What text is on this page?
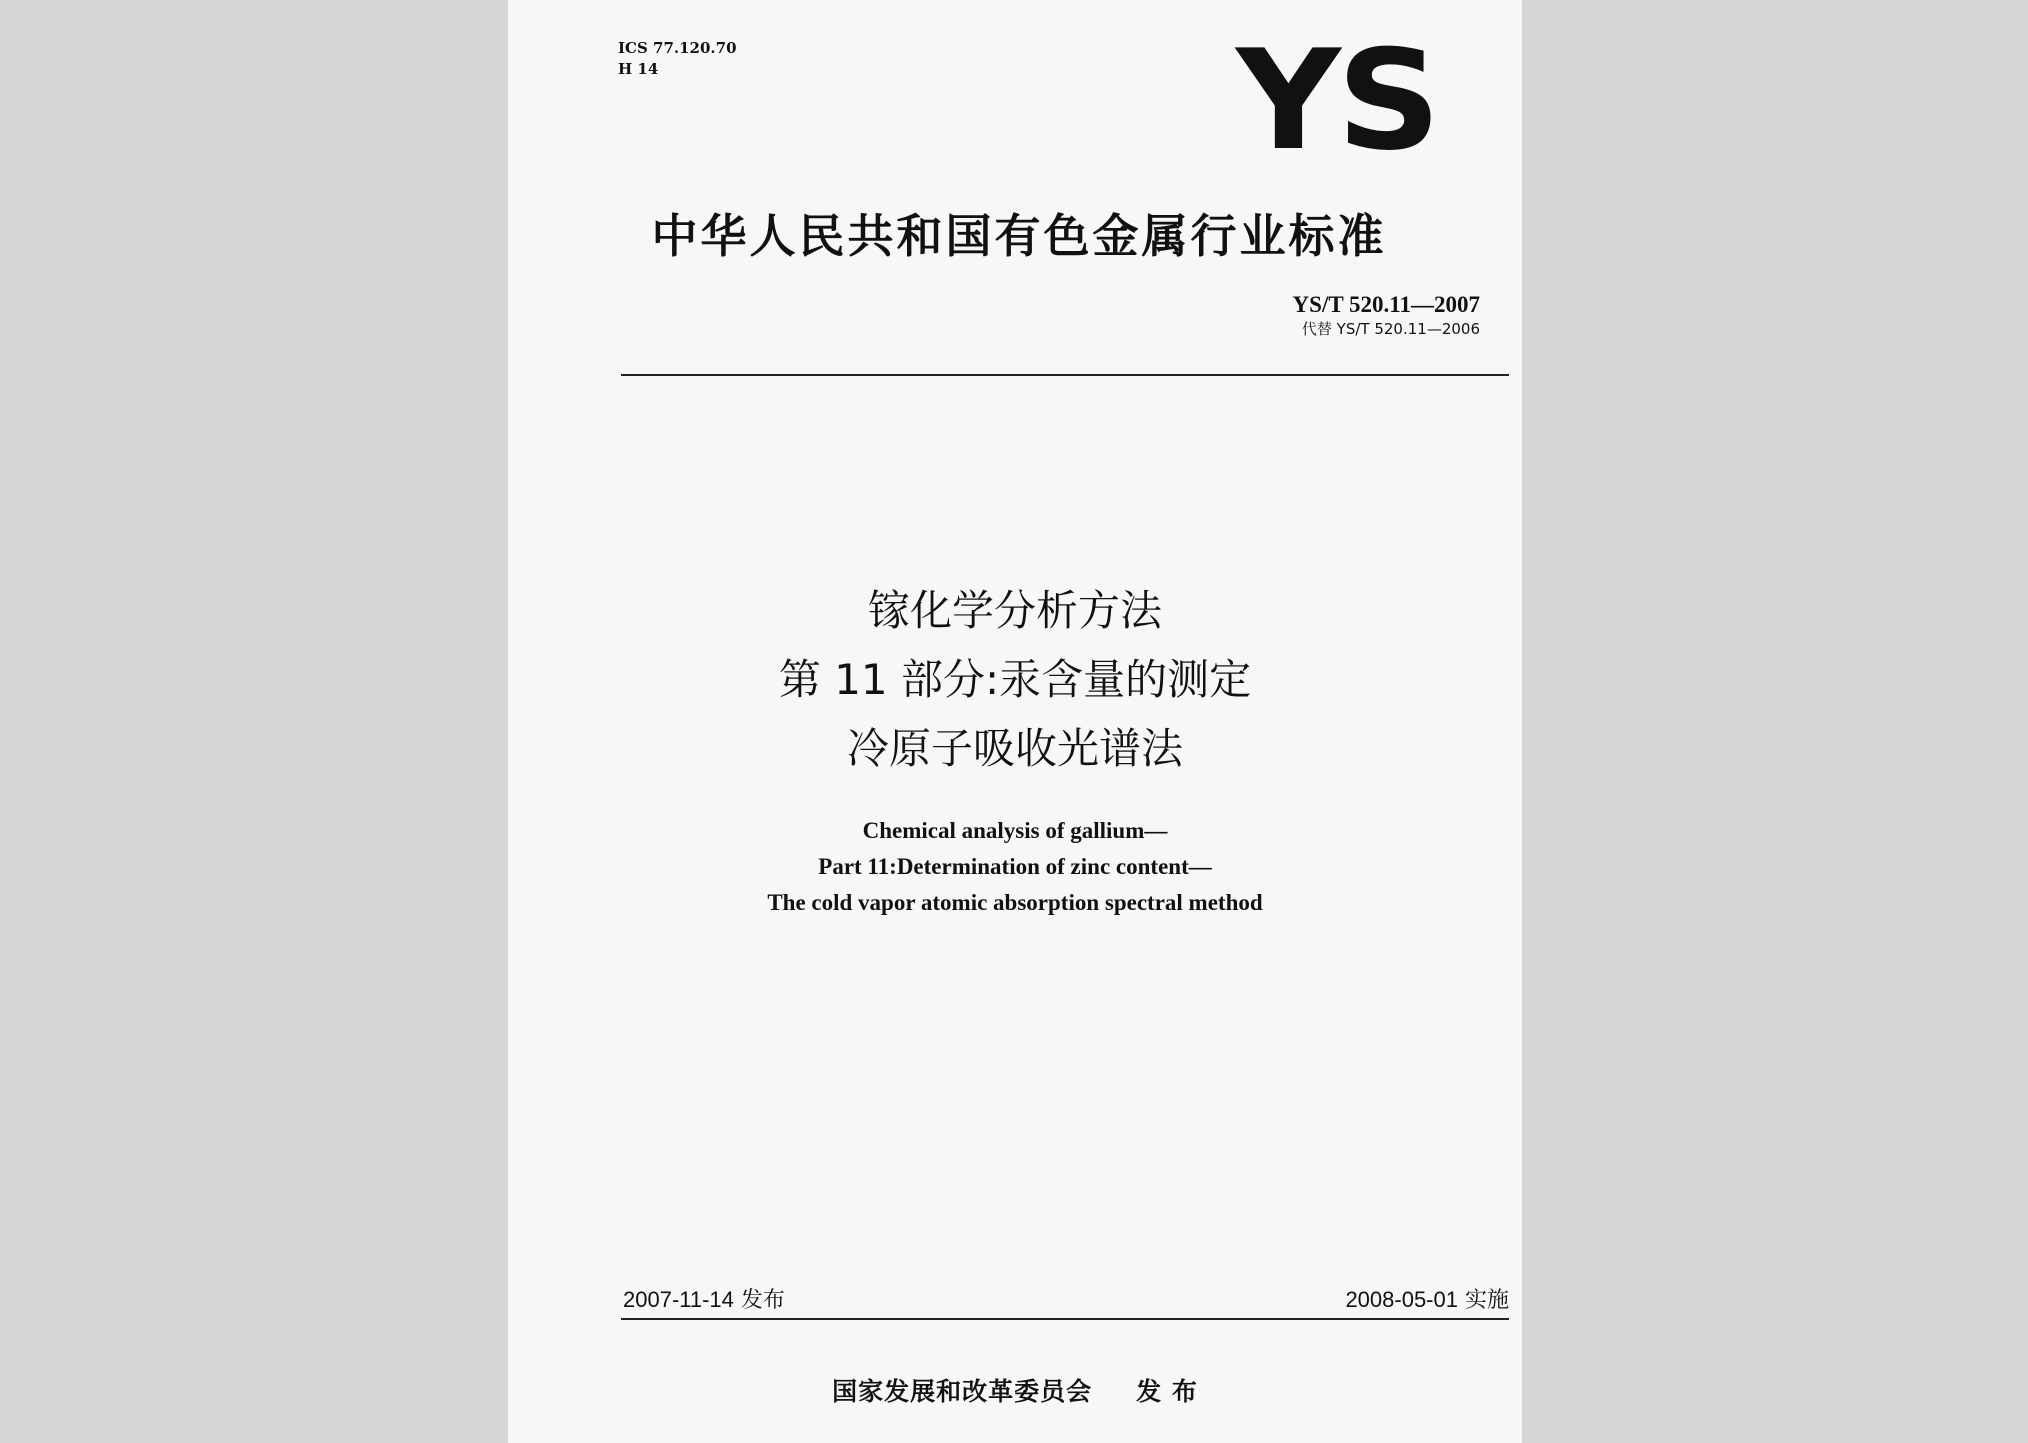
ICS 77.120.70
H 14	YS
中华人民共和国有色金属行业标准
YS/T 520.11—2007
代替 YS/T 520.11—2006
镓化学分析方法
第 11 部分:汞含量的测定
冷原子吸收光谱法
Chemical analysis of gallium—
Part 11:Determination of zinc content—
The cold vapor atomic absorption spectral method
2007-11-14 发布	2008-05-01 实施
国家发展和改革委员会 发 布
